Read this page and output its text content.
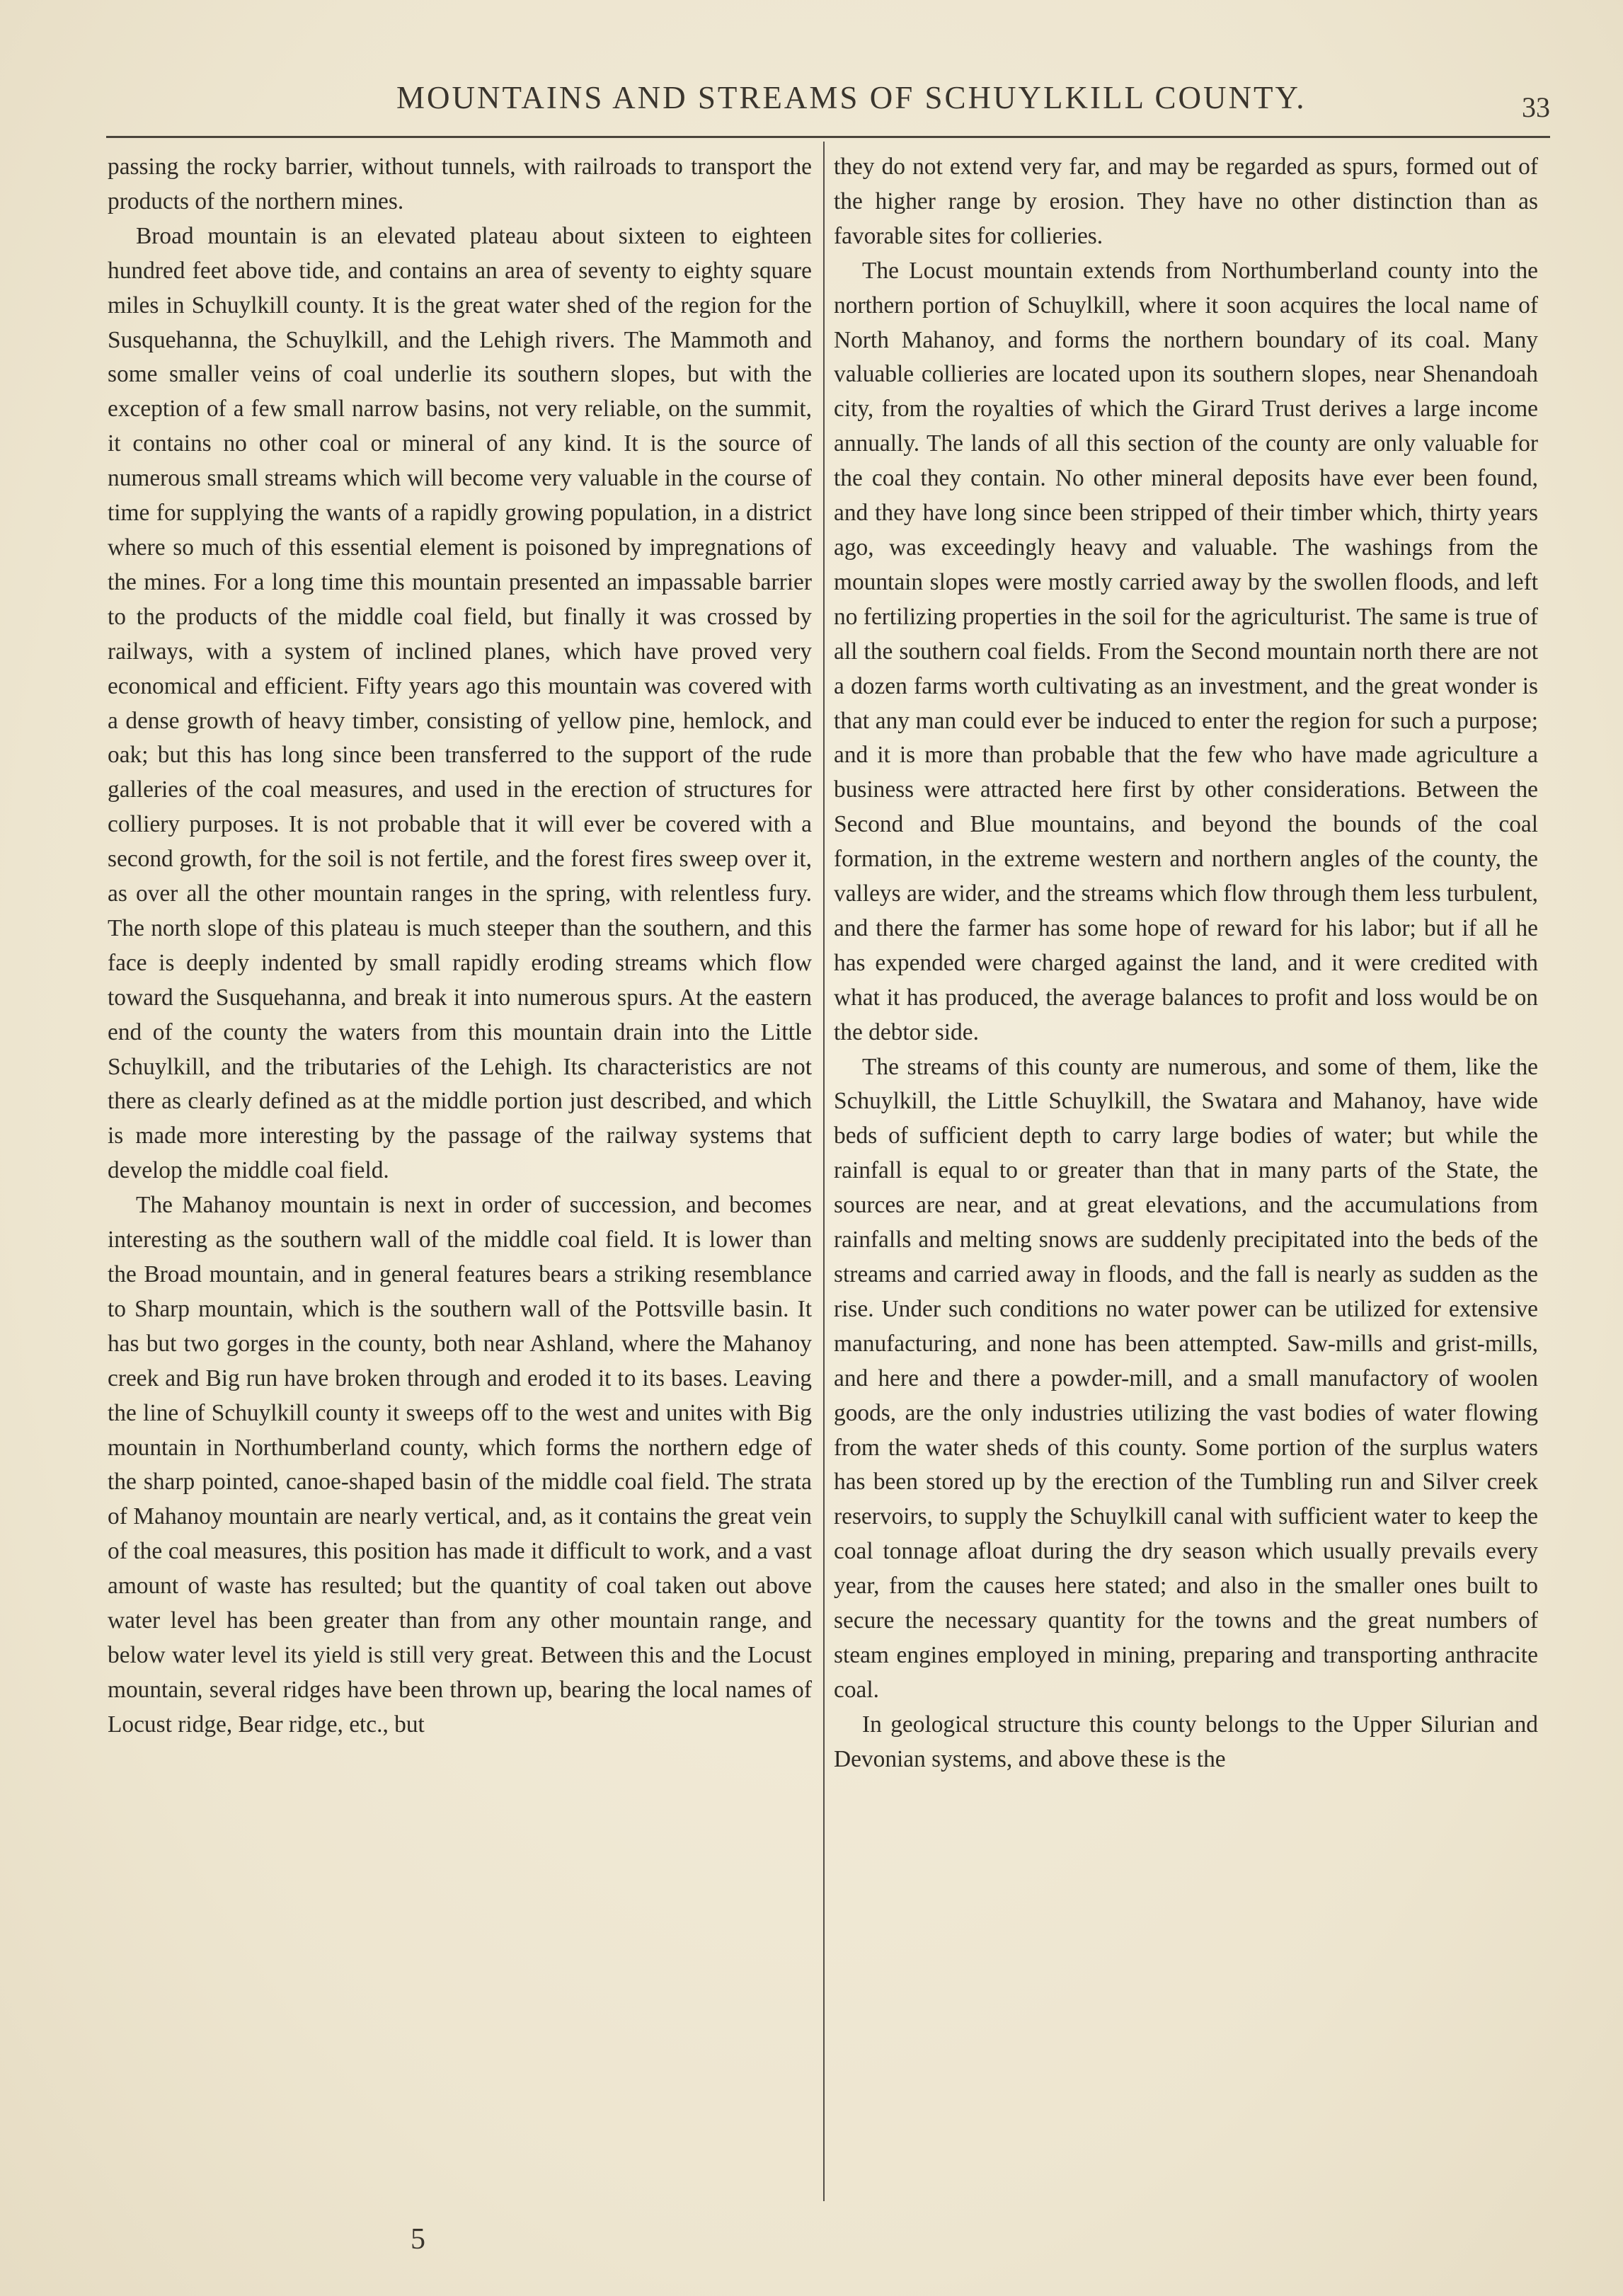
MOUNTAINS AND STREAMS OF SCHUYLKILL COUNTY.	33

passing the rocky barrier, without tunnels, with railroads to transport the products of the northern mines.

Broad mountain is an elevated plateau about sixteen to eighteen hundred feet above tide, and contains an area of seventy to eighty square miles in Schuylkill county. It is the great water shed of the region for the Susquehanna, the Schuylkill, and the Lehigh rivers. The Mammoth and some smaller veins of coal underlie its southern slopes, but with the exception of a few small narrow basins, not very reliable, on the summit, it contains no other coal or mineral of any kind. It is the source of numerous small streams which will become very valuable in the course of time for supplying the wants of a rapidly growing population, in a district where so much of this essential element is poisoned by impregnations of the mines. For a long time this mountain presented an impassable barrier to the products of the middle coal field, but finally it was crossed by railways, with a system of inclined planes, which have proved very economical and efficient. Fifty years ago this mountain was covered with a dense growth of heavy timber, consisting of yellow pine, hemlock, and oak; but this has long since been transferred to the support of the rude galleries of the coal measures, and used in the erection of structures for colliery purposes. It is not probable that it will ever be covered with a second growth, for the soil is not fertile, and the forest fires sweep over it, as over all the other mountain ranges in the spring, with relentless fury. The north slope of this plateau is much steeper than the southern, and this face is deeply indented by small rapidly eroding streams which flow toward the Susquehanna, and break it into numerous spurs. At the eastern end of the county the waters from this mountain drain into the Little Schuylkill, and the tributaries of the Lehigh. Its characteristics are not there as clearly defined as at the middle portion just described, and which is made more interesting by the passage of the railway systems that develop the middle coal field.

The Mahanoy mountain is next in order of succession, and becomes interesting as the southern wall of the middle coal field. It is lower than the Broad mountain, and in general features bears a striking resemblance to Sharp mountain, which is the southern wall of the Pottsville basin. It has but two gorges in the county, both near Ashland, where the Mahanoy creek and Big run have broken through and eroded it to its bases. Leaving the line of Schuylkill county it sweeps off to the west and unites with Big mountain in Northumberland county, which forms the northern edge of the sharp pointed, canoe-shaped basin of the middle coal field. The strata of Mahanoy mountain are nearly vertical, and, as it contains the great vein of the coal measures, this position has made it difficult to work, and a vast amount of waste has resulted; but the quantity of coal taken out above water level has been greater than from any other mountain range, and below water level its yield is still very great. Between this and the Locust mountain, several ridges have been thrown up, bearing the local names of Locust ridge, Bear ridge, etc., but

they do not extend very far, and may be regarded as spurs, formed out of the higher range by erosion. They have no other distinction than as favorable sites for collieries.

The Locust mountain extends from Northumberland county into the northern portion of Schuylkill, where it soon acquires the local name of North Mahanoy, and forms the northern boundary of its coal. Many valuable collieries are located upon its southern slopes, near Shenandoah city, from the royalties of which the Girard Trust derives a large income annually. The lands of all this section of the county are only valuable for the coal they contain. No other mineral deposits have ever been found, and they have long since been stripped of their timber which, thirty years ago, was exceedingly heavy and valuable. The washings from the mountain slopes were mostly carried away by the swollen floods, and left no fertilizing properties in the soil for the agriculturist. The same is true of all the southern coal fields. From the Second mountain north there are not a dozen farms worth cultivating as an investment, and the great wonder is that any man could ever be induced to enter the region for such a purpose; and it is more than probable that the few who have made agriculture a business were attracted here first by other considerations. Between the Second and Blue mountains, and beyond the bounds of the coal formation, in the extreme western and northern angles of the county, the valleys are wider, and the streams which flow through them less turbulent, and there the farmer has some hope of reward for his labor; but if all he has expended were charged against the land, and it were credited with what it has produced, the average balances to profit and loss would be on the debtor side.

The streams of this county are numerous, and some of them, like the Schuylkill, the Little Schuylkill, the Swatara and Mahanoy, have wide beds of sufficient depth to carry large bodies of water; but while the rainfall is equal to or greater than that in many parts of the State, the sources are near, and at great elevations, and the accumulations from rainfalls and melting snows are suddenly precipitated into the beds of the streams and carried away in floods, and the fall is nearly as sudden as the rise. Under such conditions no water power can be utilized for extensive manufacturing, and none has been attempted. Saw-mills and grist-mills, and here and there a powder-mill, and a small manufactory of woolen goods, are the only industries utilizing the vast bodies of water flowing from the water sheds of this county. Some portion of the surplus waters has been stored up by the erection of the Tumbling run and Silver creek reservoirs, to supply the Schuylkill canal with sufficient water to keep the coal tonnage afloat during the dry season which usually prevails every year, from the causes here stated; and also in the smaller ones built to secure the necessary quantity for the towns and the great numbers of steam engines employed in mining, preparing and transporting anthracite coal.

In geological structure this county belongs to the Upper Silurian and Devonian systems, and above these is the

5
